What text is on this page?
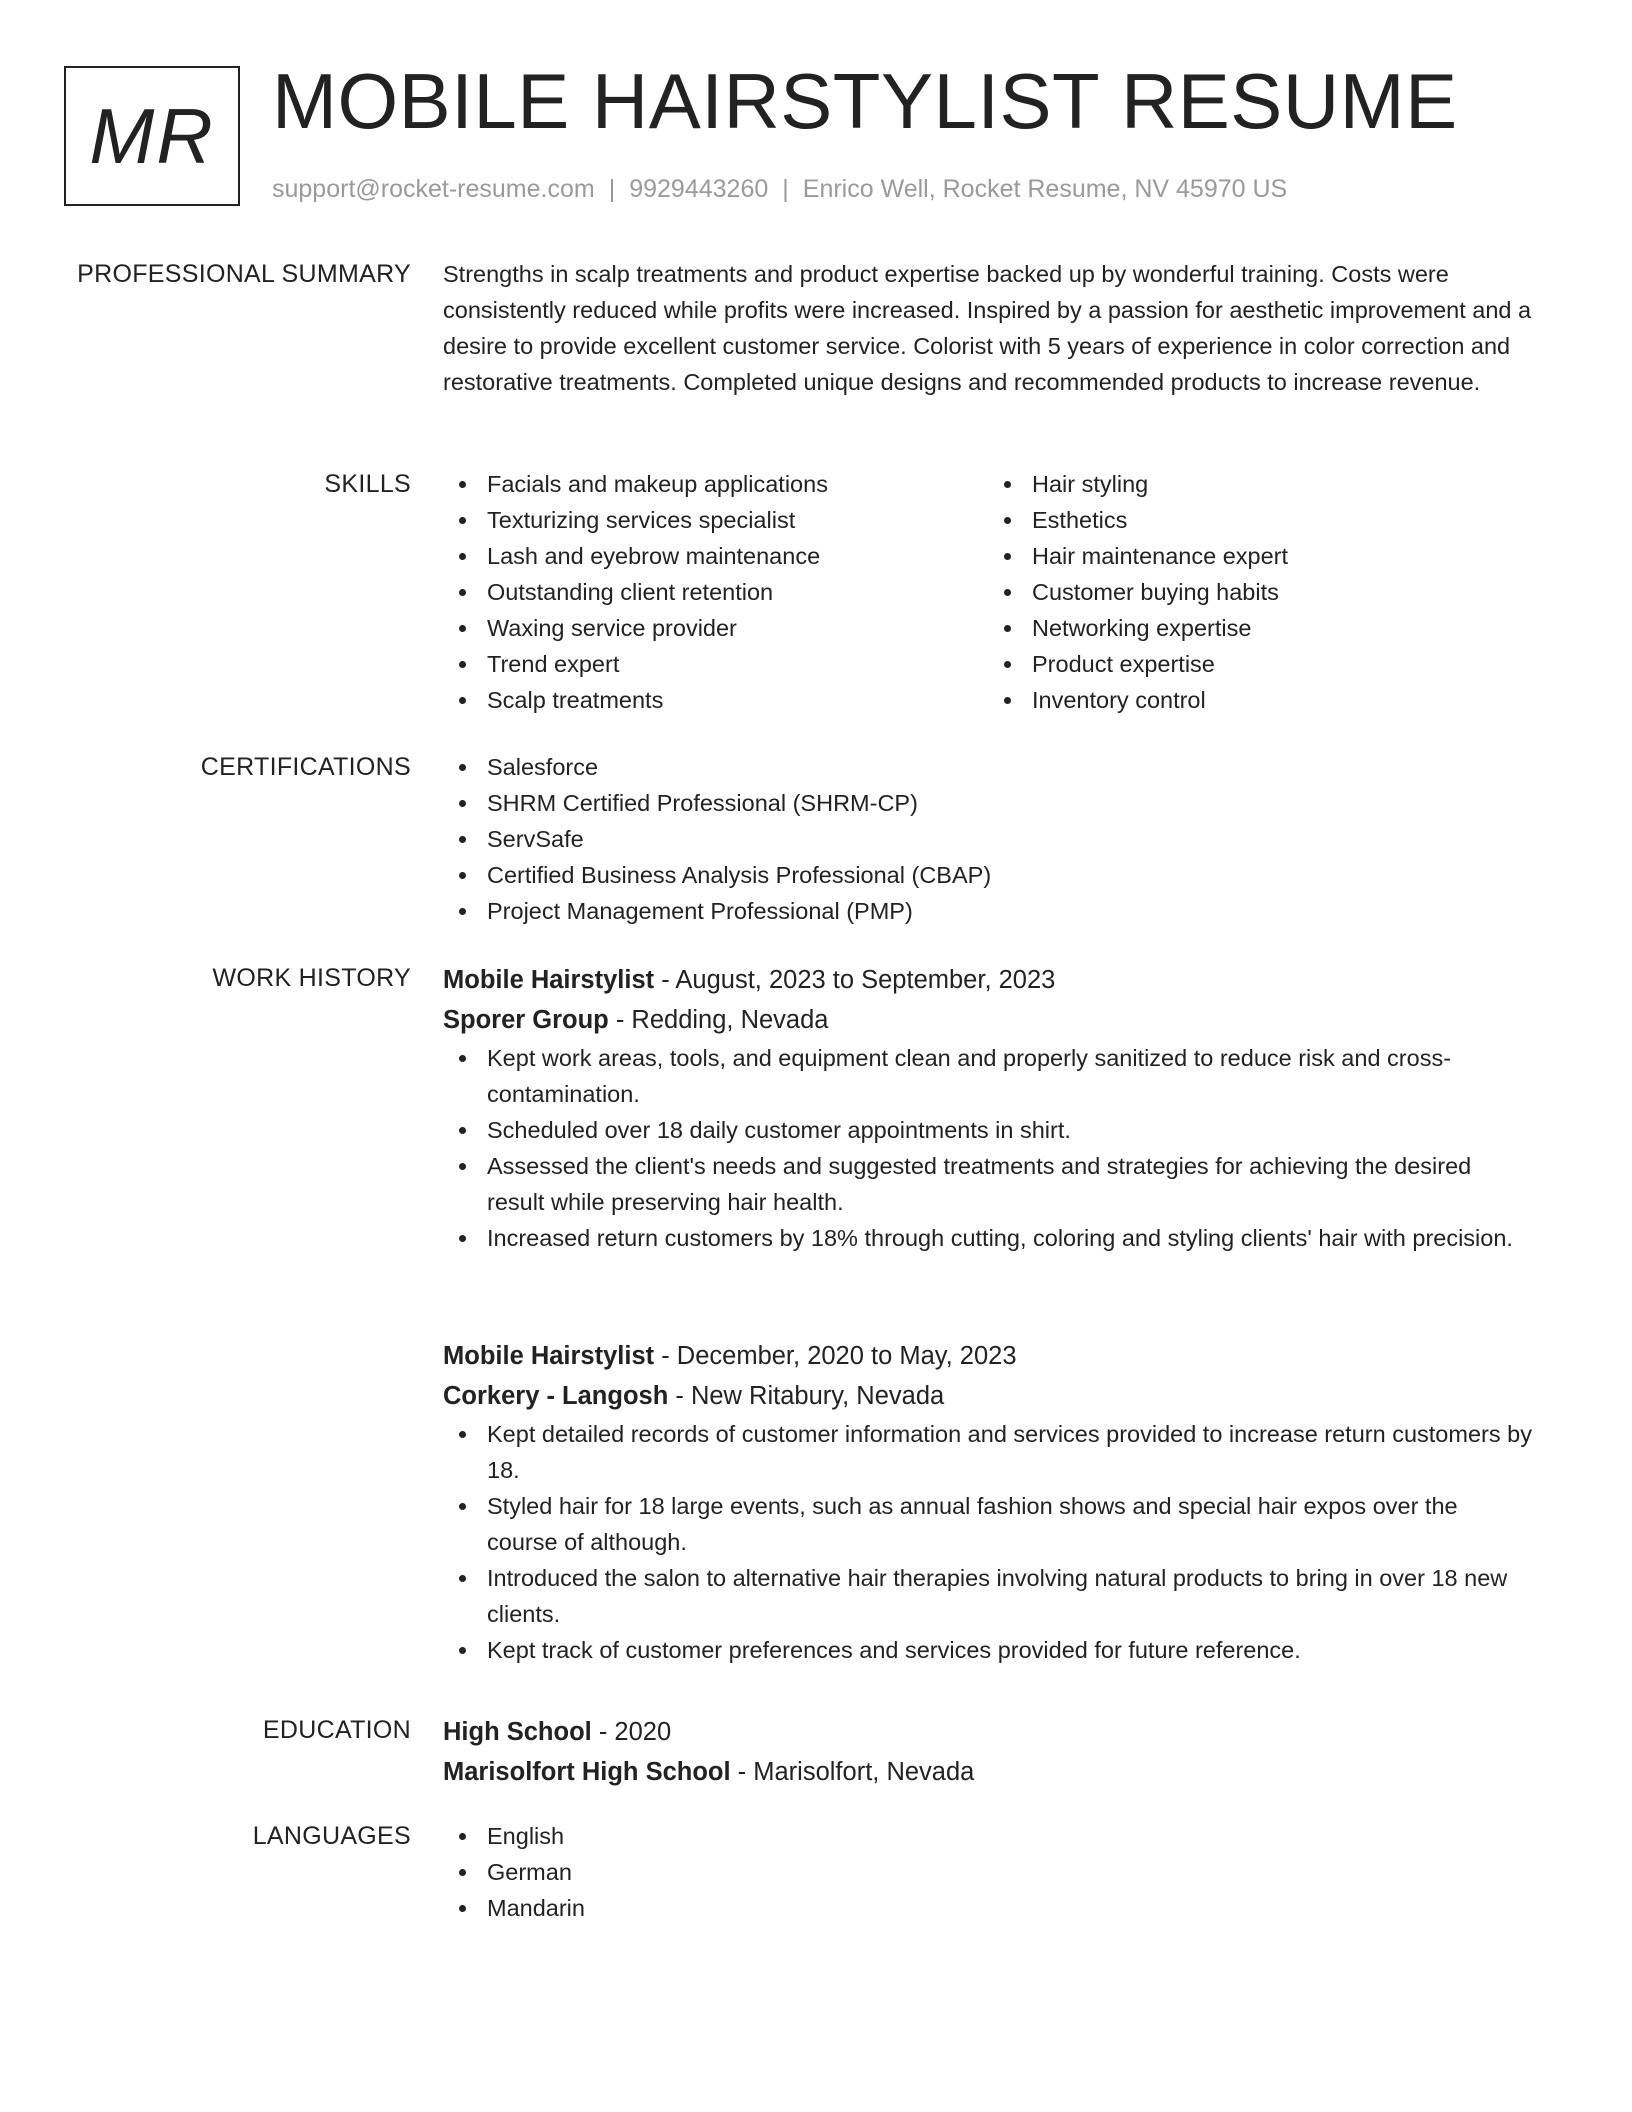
MR MOBILE HAIRSTYLIST RESUME
support@rocket-resume.com | 9929443260 | Enrico Well, Rocket Resume, NV 45970 US
PROFESSIONAL SUMMARY Strengths in scalp treatments and product expertise backed up by wonderful training. Costs were consistently reduced while profits were increased. Inspired by a passion for aesthetic improvement and a desire to provide excellent customer service. Colorist with 5 years of experience in color correction and restorative treatments. Completed unique designs and recommended products to increase revenue.

SKILLS	Facials and makeup applications
Texturizing services specialist
Lash and eyebrow maintenance
Outstanding client retention
Waxing service provider
Trend expert
Scalp treatments
Hair styling
Esthetics
Hair maintenance expert
Customer buying habits
Networking expertise
Product expertise
Inventory control
CERTIFICATIONS	Salesforce
SHRM Certified Professional (SHRM-CP)
ServSafe
Certified Business Analysis Professional (CBAP)
Project Management Professional (PMP)
WORK HISTORY Mobile Hairstylist - August, 2023 to September, 2023
Sporer Group - Redding, Nevada
Kept work areas, tools, and equipment clean and properly sanitized to reduce risk and cross-contamination.
Scheduled over 18 daily customer appointments in shirt.
Assessed the client's needs and suggested treatments and strategies for achieving the desired result while preserving hair health.
Increased return customers by 18% through cutting, coloring and styling clients' hair with precision.
Mobile Hairstylist - December, 2020 to May, 2023
Corkery - Langosh - New Ritabury, Nevada
Kept detailed records of customer information and services provided to increase return customers by 18.
Styled hair for 18 large events, such as annual fashion shows and special hair expos over the course of although.
Introduced the salon to alternative hair therapies involving natural products to bring in over 18 new clients.
Kept track of customer preferences and services provided for future reference.
EDUCATION High School - 2020
Marisolfort High School - Marisolfort, Nevada
LANGUAGES	English
German
Mandarin
